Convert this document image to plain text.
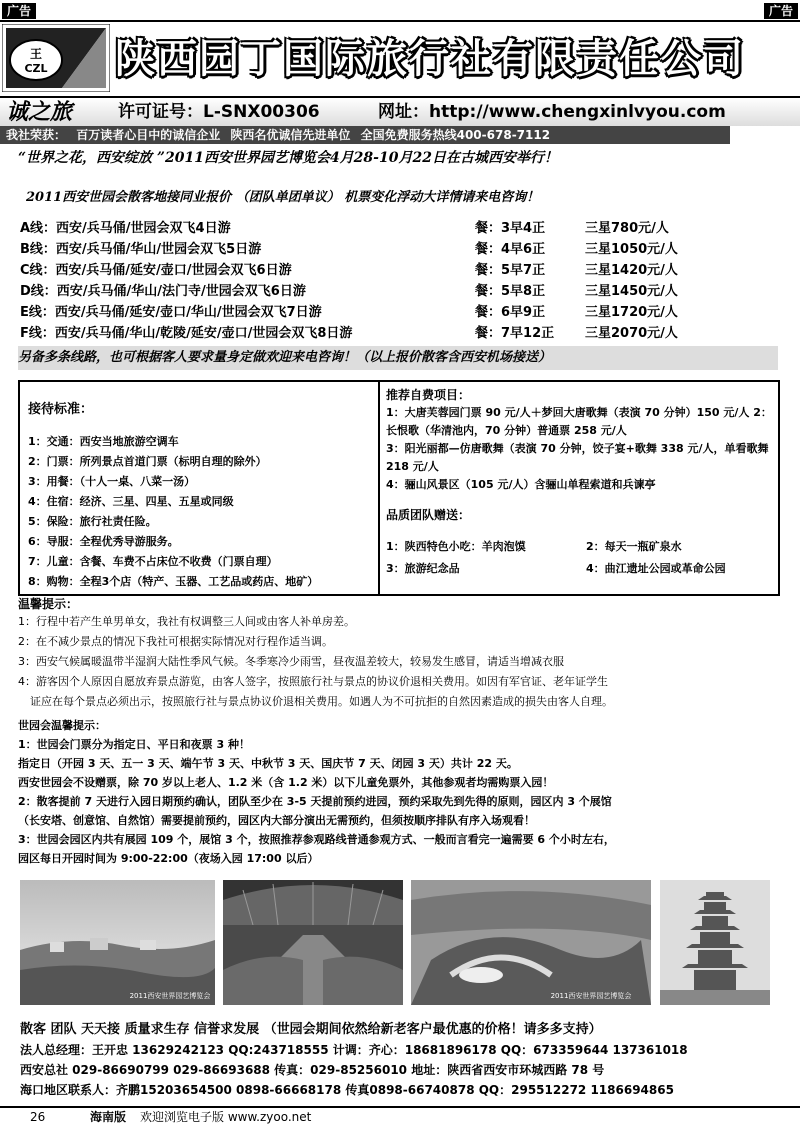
广告	广告
王
CZL 陕西园丁国际旅行社有限责任公司
诚之旅	许可证号：L-SNX00306	网址：http://www.chengxinlvyou.com
我社荣获： 百万读者心目中的诚信企业 陕西名优诚信先进单位 全国免费服务热线400-678-7112
“世界之花，西安绽放 ”2011西安世界园艺博览会4月28-10月22日在古城西安举行！
2011西安世园会散客地接同业报价 （团队单团单议） 机票变化浮动大详情请来电咨询！
A线：西安/兵马俑/世园会双飞4日游	餐：3早4正	三星780元/人
B线：西安/兵马俑/华山/世园会双飞5日游	餐：4早6正	三星1050元/人
C线：西安/兵马俑/延安/壶口/世园会双飞6日游	餐：5早7正	三星1420元/人
D线：西安/兵马俑/华山/法门寺/世园会双飞6日游	餐：5早8正	三星1450元/人
E线：西安/兵马俑/延安/壶口/华山/世园会双飞7日游	餐：6早9正	三星1720元/人
F线：西安/兵马俑/华山/乾陵/延安/壶口/世园会双飞8日游	餐：7早12正 三星2070元/人
另备多条线路，也可根据客人要求量身定做欢迎来电咨询！（以上报价散客含西安机场接送）
接待标准：
1：交通：西安当地旅游空调车
2：门票：所列景点首道门票（标明自理的除外）
3：用餐：（十人一桌、八菜一汤）
4：住宿：经济、三星、四星、五星或同级
5：保险：旅行社责任险。
6：导服：全程优秀导游服务。
7：儿童：含餐、车费不占床位不收费（门票自理）
8：购物：全程3个店（特产、玉器、工艺品或药店、地矿）
推荐自费项目：
1：大唐芙蓉园门票 90 元/人＋梦回大唐歌舞（表演 70 分钟）150 元/人 2：长恨歌（华清池内，70 分钟）普通票 258 元/人
3：阳光丽都—仿唐歌舞（表演 70 分钟，饺子宴+歌舞 338 元/人，单看歌舞 218 元/人
4：骊山风景区（105 元/人）含骊山单程索道和兵谏亭
品质团队赠送：
1：陕西特色小吃：羊肉泡馍	2：每天一瓶矿泉水
3：旅游纪念品	4：曲江遗址公园或革命公园
温馨提示：
1：行程中若产生单男单女，我社有权调整三人间或由客人补单房差。
2：在不减少景点的情况下我社可根据实际情况对行程作适当调。
3：西安气候属暖温带半湿润大陆性季风气候。冬季寒冷少雨雪，昼夜温差较大，较易发生感冒，请适当增减衣服
4：游客因个人原因自愿放弃景点游览，由客人签字，按照旅行社与景点的协议价退相关费用。如因有军官证、老年证学生
证应在每个景点必须出示，按照旅行社与景点协议价退相关费用。如遇人为不可抗拒的自然因素造成的损失由客人自理。
世园会温馨提示：
1：世园会门票分为指定日、平日和夜票 3 种！
指定日（开园 3 天、五一 3 天、端午节 3 天、中秋节 3 天、国庆节 7 天、闭园 3 天）共计 22 天。
西安世园会不设赠票，除 70 岁以上老人、1.2 米（含 1.2 米）以下儿童免票外，其他参观者均需购票入园！
2：散客提前 7 天进行入园日期预约确认，团队至少在 3-5 天提前预约进园，预约采取先到先得的原则，园区内 3 个展馆
（长安塔、创意馆、自然馆）需要提前预约，园区内大部分演出无需预约，但须按顺序排队有序入场观看！
3：世园会园区内共有展园 109 个，展馆 3 个，按照推荐参观路线普通参观方式、一般而言看完一遍需要 6 个小时左右，
园区每日开园时间为 9:00-22:00（夜场入园 17:00 以后）
2011西安世界园艺博览会	2011西安世界园艺博览会
散客 团队 天天接 质量求生存 信誉求发展 （世园会期间依然给新老客户最优惠的价格！请多多支持）
法人总经理：王开忠 13629242123 QQ:243718555 计调：齐心：18681896178 QQ：673359644 137361018
西安总社 029-86690799 029-86693688 传真：029-85256010 地址：陕西省西安市环城西路 78 号
海口地区联系人：齐鹏15203654500 0898-66668178 传真0898-66740878 QQ：295512272 1186694865
26	海南版 欢迎浏览电子版 www.zyoo.net
